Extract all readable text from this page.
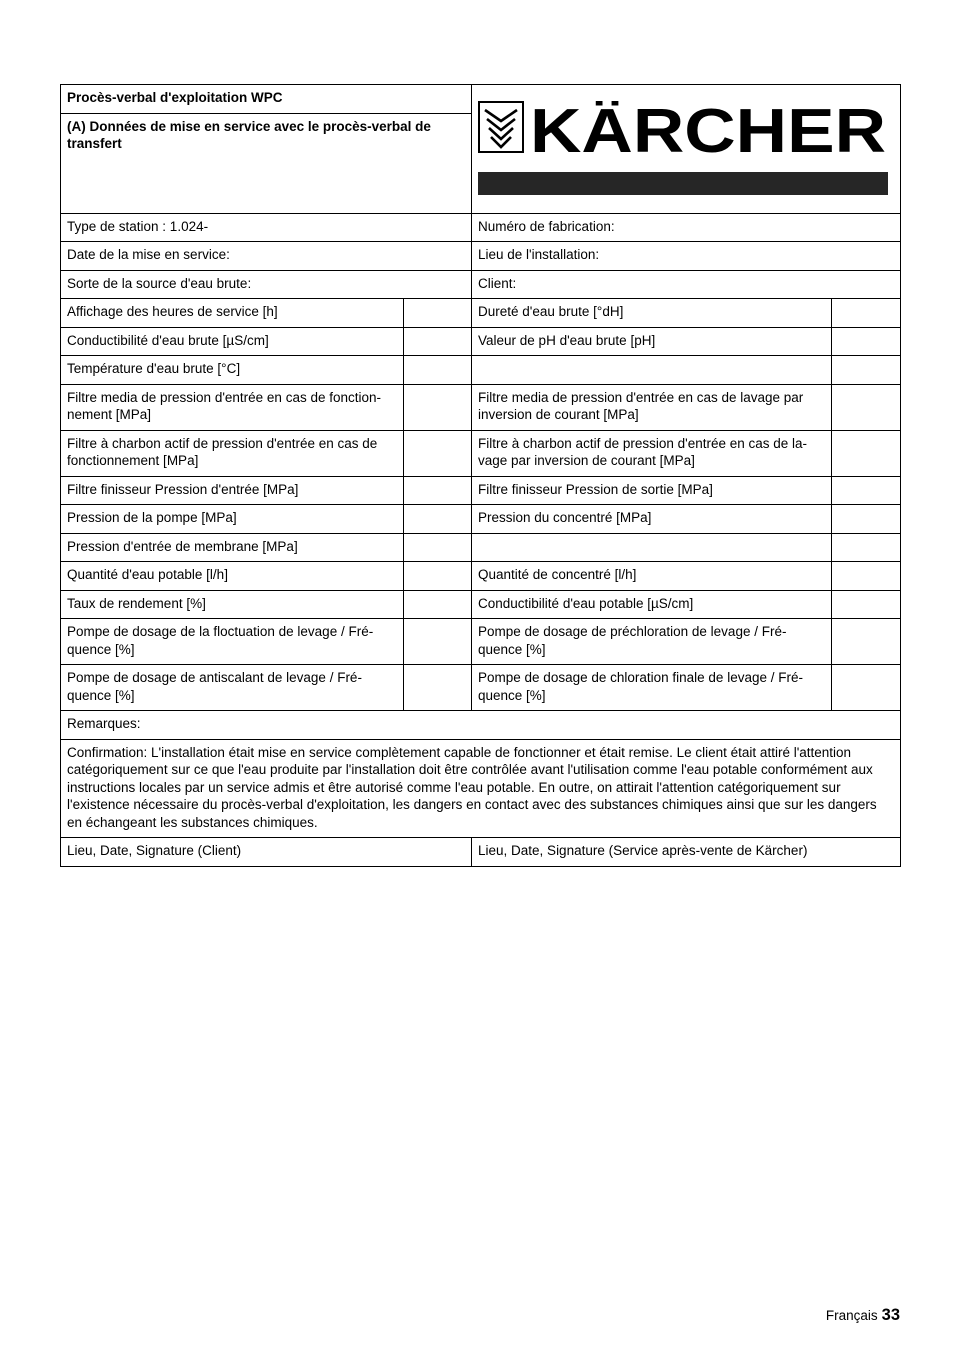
Procès-verbal d'exploitation WPC		KÄRCHER	

(A) Données de mise en service avec le procès-verbal de transfert			
Type de station : 1.024-		Numéro de fabrication:	
Date de la mise en service:		Lieu de l'installation:	
Sorte de la source d'eau brute:		Client:	
Affichage des heures de service [h]		Dureté d'eau brute [°dH]	
Conductibilité d'eau brute [µS/cm]		Valeur de pH d'eau brute [pH]	
Température d'eau brute [°C]			
Filtre media de pression d'entrée en cas de fonction-nement [MPa]		Filtre media de pression d'entrée en cas de lavage par inversion de courant [MPa]	
Filtre à charbon actif de pression d'entrée en cas de fonctionnement [MPa]		Filtre à charbon actif de pression d'entrée en cas de la-vage par inversion de courant [MPa]	
Filtre finisseur Pression d'entrée [MPa]		Filtre finisseur Pression de sortie [MPa]	
Pression de la pompe [MPa]		Pression du concentré [MPa]	
Pression d'entrée de membrane [MPa]			
Quantité d'eau potable [l/h]		Quantité de concentré [l/h]	
Taux de rendement [%]		Conductibilité d'eau potable [µS/cm]	
Pompe de dosage de la floctuation de levage / Fré-quence [%]		Pompe de dosage de préchloration de levage / Fré-quence [%]	
Pompe de dosage de antiscalant de levage / Fré-quence [%]		Pompe de dosage de chloration finale de levage / Fré-quence [%]	
Remarques:			
Confirmation: L'installation était mise en service complètement capable de fonctionner et était remise. Le client était attiré l'attention catégoriquement sur ce que l'eau produite par l'installation doit être contrôlée avant l'utilisation comme l'eau potable conformément aux instructions locales par un service admis et être autorisé comme l'eau potable. En outre, on attirait l'attention catégoriquement sur l'existence nécessaire du procès-verbal d'exploitation, les dangers en contact avec des substances chimiques ainsi que sur les dangers en échangeant les substances chimiques.			
Lieu, Date, Signature (Client)		Lieu, Date, Signature (Service après-vente de Kärcher)	
Français 33
